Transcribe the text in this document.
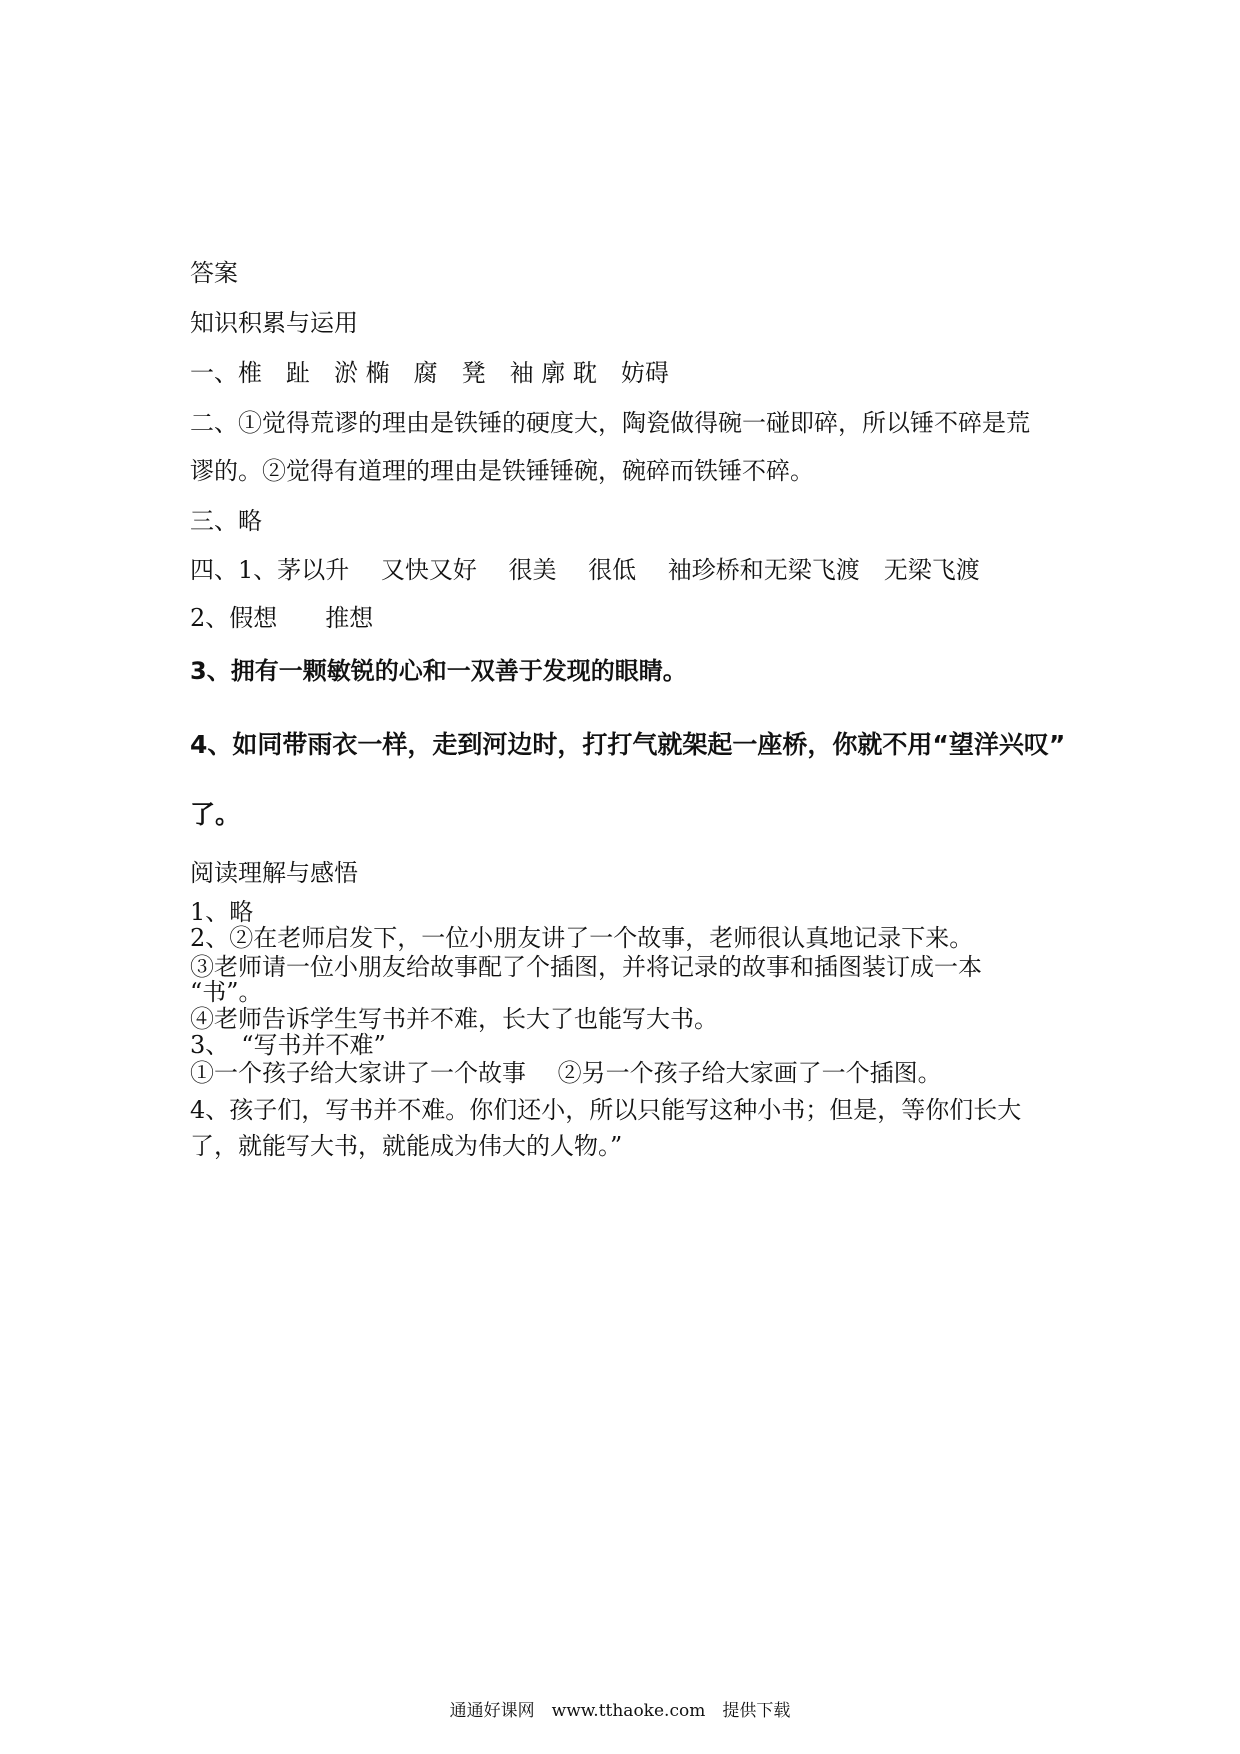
答案
知识积累与运用
一、椎　趾　淤 椭　腐　凳　袖 廓 耽　妨碍
二、①觉得荒谬的理由是铁锤的硬度大，陶瓷做得碗一碰即碎，所以锤不碎是荒
谬的。②觉得有道理的理由是铁锤锤碗，碗碎而铁锤不碎。
三、略
四、1、茅以升　 又快又好　 很美　 很低　 袖珍桥和无梁飞渡　无梁飞渡
2、假想　　推想
3、拥有一颗敏锐的心和一双善于发现的眼睛。
4、如同带雨衣一样，走到河边时，打打气就架起一座桥，你就不用“望洋兴叹”
了。
阅读理解与感悟
1、略
2、②在老师启发下，一位小朋友讲了一个故事，老师很认真地记录下来。
③老师请一位小朋友给故事配了个插图，并将记录的故事和插图装订成一本
“书”。
④老师告诉学生写书并不难，长大了也能写大书。
3、　“写书并不难”
①一个孩子给大家讲了一个故事　 ②另一个孩子给大家画了一个插图。
4、孩子们，写书并不难。你们还小，所以只能写这种小书；但是，等你们长大
了，就能写大书，就能成为伟大的人物。”
通通好课网　www.tthaoke.com　提供下载
